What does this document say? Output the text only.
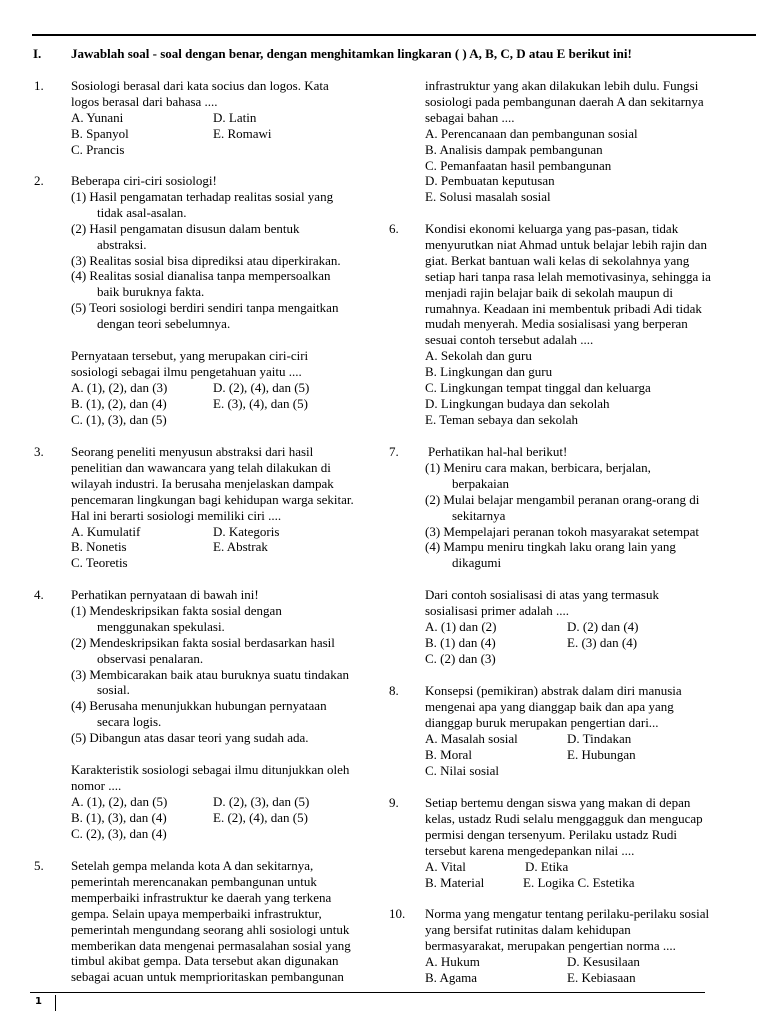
I. Jawablah soal - soal dengan benar, dengan menghitamkan lingkaran ( ) A, B, C, D atau E berikut ini!
1. Sosiologi berasal dari kata socius dan logos. Kata
logos berasal dari bahasa ....
A. Yunani	D. Latin
B. Spanyol	E. Romawi
C. Prancis
2. Beberapa ciri-ciri sosiologi!
(1) Hasil pengamatan terhadap realitas sosial yang
tidak asal-asalan.
(2) Hasil pengamatan disusun dalam bentuk
abstraksi.
(3) Realitas sosial bisa diprediksi atau diperkirakan.
(4) Realitas sosial dianalisa tanpa mempersoalkan
baik buruknya fakta.
(5) Teori sosiologi berdiri sendiri tanpa mengaitkan
dengan teori sebelumnya.
Pernyataan tersebut, yang merupakan ciri-ciri
sosiologi sebagai ilmu pengetahuan yaitu ....
A. (1), (2), dan (3)	D. (2), (4), dan (5)
B. (1), (2), dan (4)	E. (3), (4), dan (5)
C. (1), (3), dan (5)
3. Seorang peneliti menyusun abstraksi dari hasil
penelitian dan wawancara yang telah dilakukan di
wilayah industri. Ia berusaha menjelaskan dampak
pencemaran lingkungan bagi kehidupan warga sekitar.
Hal ini berarti sosiologi memiliki ciri ....
A. Kumulatif	D. Kategoris
B. Nonetis	E. Abstrak
C. Teoretis
4. Perhatikan pernyataan di bawah ini!
(1) Mendeskripsikan fakta sosial dengan
menggunakan spekulasi.
(2) Mendeskripsikan fakta sosial berdasarkan hasil
observasi penalaran.
(3) Membicarakan baik atau buruknya suatu tindakan
sosial.
(4) Berusaha menunjukkan hubungan pernyataan
secara logis.
(5) Dibangun atas dasar teori yang sudah ada.
Karakteristik sosiologi sebagai ilmu ditunjukkan oleh
nomor ....
A. (1), (2), dan (5)	D. (2), (3), dan (5)
B. (1), (3), dan (4)	E. (2), (4), dan (5)
C. (2), (3), dan (4)
5. Setelah gempa melanda kota A dan sekitarnya,
pemerintah merencanakan pembangunan untuk
memperbaiki infrastruktur ke daerah yang terkena
gempa. Selain upaya memperbaiki infrastruktur,
pemerintah mengundang seorang ahli sosiologi untuk
memberikan data mengenai permasalahan sosial yang
timbul akibat gempa. Data tersebut akan digunakan
sebagai acuan untuk memprioritaskan pembangunan
infrastruktur yang akan dilakukan lebih dulu. Fungsi
sosiologi pada pembangunan daerah A dan sekitarnya
sebagai bahan ....
A. Perencanaan dan pembangunan sosial
B. Analisis dampak pembangunan
C. Pemanfaatan hasil pembangunan
D. Pembuatan keputusan
E. Solusi masalah sosial
6. Kondisi ekonomi keluarga yang pas-pasan, tidak
menyurutkan niat Ahmad untuk belajar lebih rajin dan
giat. Berkat bantuan wali kelas di sekolahnya yang
setiap hari tanpa rasa lelah memotivasinya, sehingga ia
menjadi rajin belajar baik di sekolah maupun di
rumahnya. Keadaan ini membentuk pribadi Adi tidak
mudah menyerah. Media sosialisasi yang berperan
sesuai contoh tersebut adalah ....
A. Sekolah dan guru
B. Lingkungan dan guru
C. Lingkungan tempat tinggal dan keluarga
D. Lingkungan budaya dan sekolah
E. Teman sebaya dan sekolah
7. Perhatikan hal-hal berikut!
(1) Meniru cara makan, berbicara, berjalan,
berpakaian
(2) Mulai belajar mengambil peranan orang-orang di
sekitarnya
(3) Mempelajari peranan tokoh masyarakat setempat
(4) Mampu meniru tingkah laku orang lain yang
dikagumi
Dari contoh sosialisasi di atas yang termasuk
sosialisasi primer adalah ....
A. (1) dan (2)	D. (2) dan (4)
B. (1) dan (4)	E. (3) dan (4)
C. (2) dan (3)
8. Konsepsi (pemikiran) abstrak dalam diri manusia
mengenai apa yang dianggap baik dan apa yang
dianggap buruk merupakan pengertian dari...
A. Masalah sosial	D. Tindakan
B. Moral	E. Hubungan
C. Nilai sosial
9. Setiap bertemu dengan siswa yang makan di depan
kelas, ustadz Rudi selalu menggagguk dan mengucap
permisi dengan tersenyum. Perilaku ustadz Rudi
tersebut karena mengedepankan nilai ....
A. Vital	D. Etika
B. Material	E. Logika C. Estetika
10. Norma yang mengatur tentang perilaku-perilaku sosial
yang bersifat rutinitas dalam kehidupan
bermasyarakat, merupakan pengertian norma ....
A. Hukum	D. Kesusilaan
B. Agama	E. Kebiasaan
1
